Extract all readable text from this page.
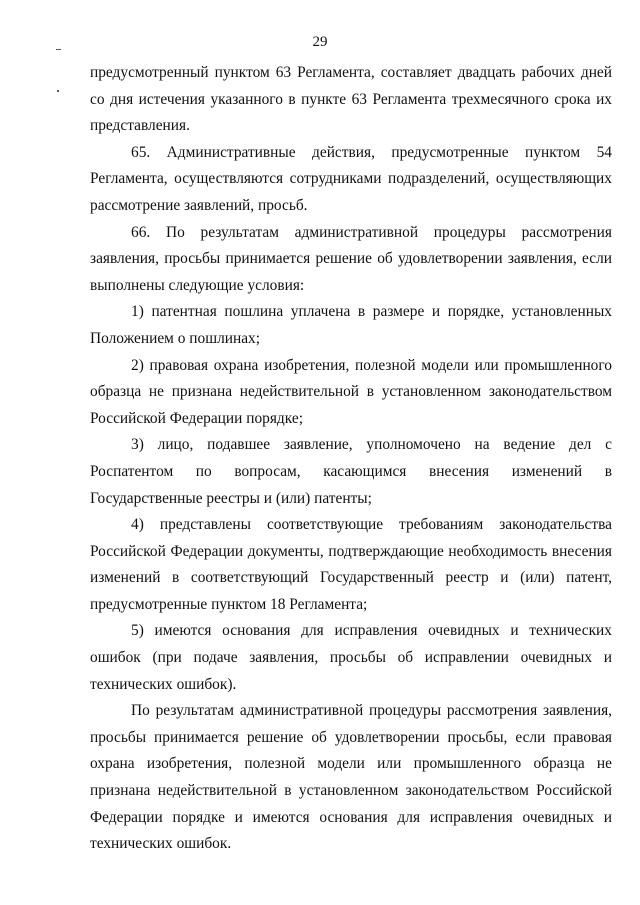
29

предусмотренный пунктом 63 Регламента, составляет двадцать рабочих дней со дня истечения указанного в пункте 63 Регламента трехмесячного срока их представления.

65. Административные действия, предусмотренные пунктом 54 Регламента, осуществляются сотрудниками подразделений, осуществляющих рассмотрение заявлений, просьб.

66. По результатам административной процедуры рассмотрения заявления, просьбы принимается решение об удовлетворении заявления, если выполнены следующие условия:

1) патентная пошлина уплачена в размере и порядке, установленных Положением о пошлинах;

2) правовая охрана изобретения, полезной модели или промышленного образца не признана недействительной в установленном законодательством Российской Федерации порядке;

3) лицо, подавшее заявление, уполномочено на ведение дел с Роспатентом по вопросам, касающимся внесения изменений в Государственные реестры и (или) патенты;

4) представлены соответствующие требованиям законодательства Российской Федерации документы, подтверждающие необходимость внесения изменений в соответствующий Государственный реестр и (или) патент, предусмотренные пунктом 18 Регламента;

5) имеются основания для исправления очевидных и технических ошибок (при подаче заявления, просьбы об исправлении очевидных и технических ошибок).

По результатам административной процедуры рассмотрения заявления, просьбы принимается решение об удовлетворении просьбы, если правовая охрана изобретения, полезной модели или промышленного образца не признана недействительной в установленном законодательством Российской Федерации порядке и имеются основания для исправления очевидных и технических ошибок.
